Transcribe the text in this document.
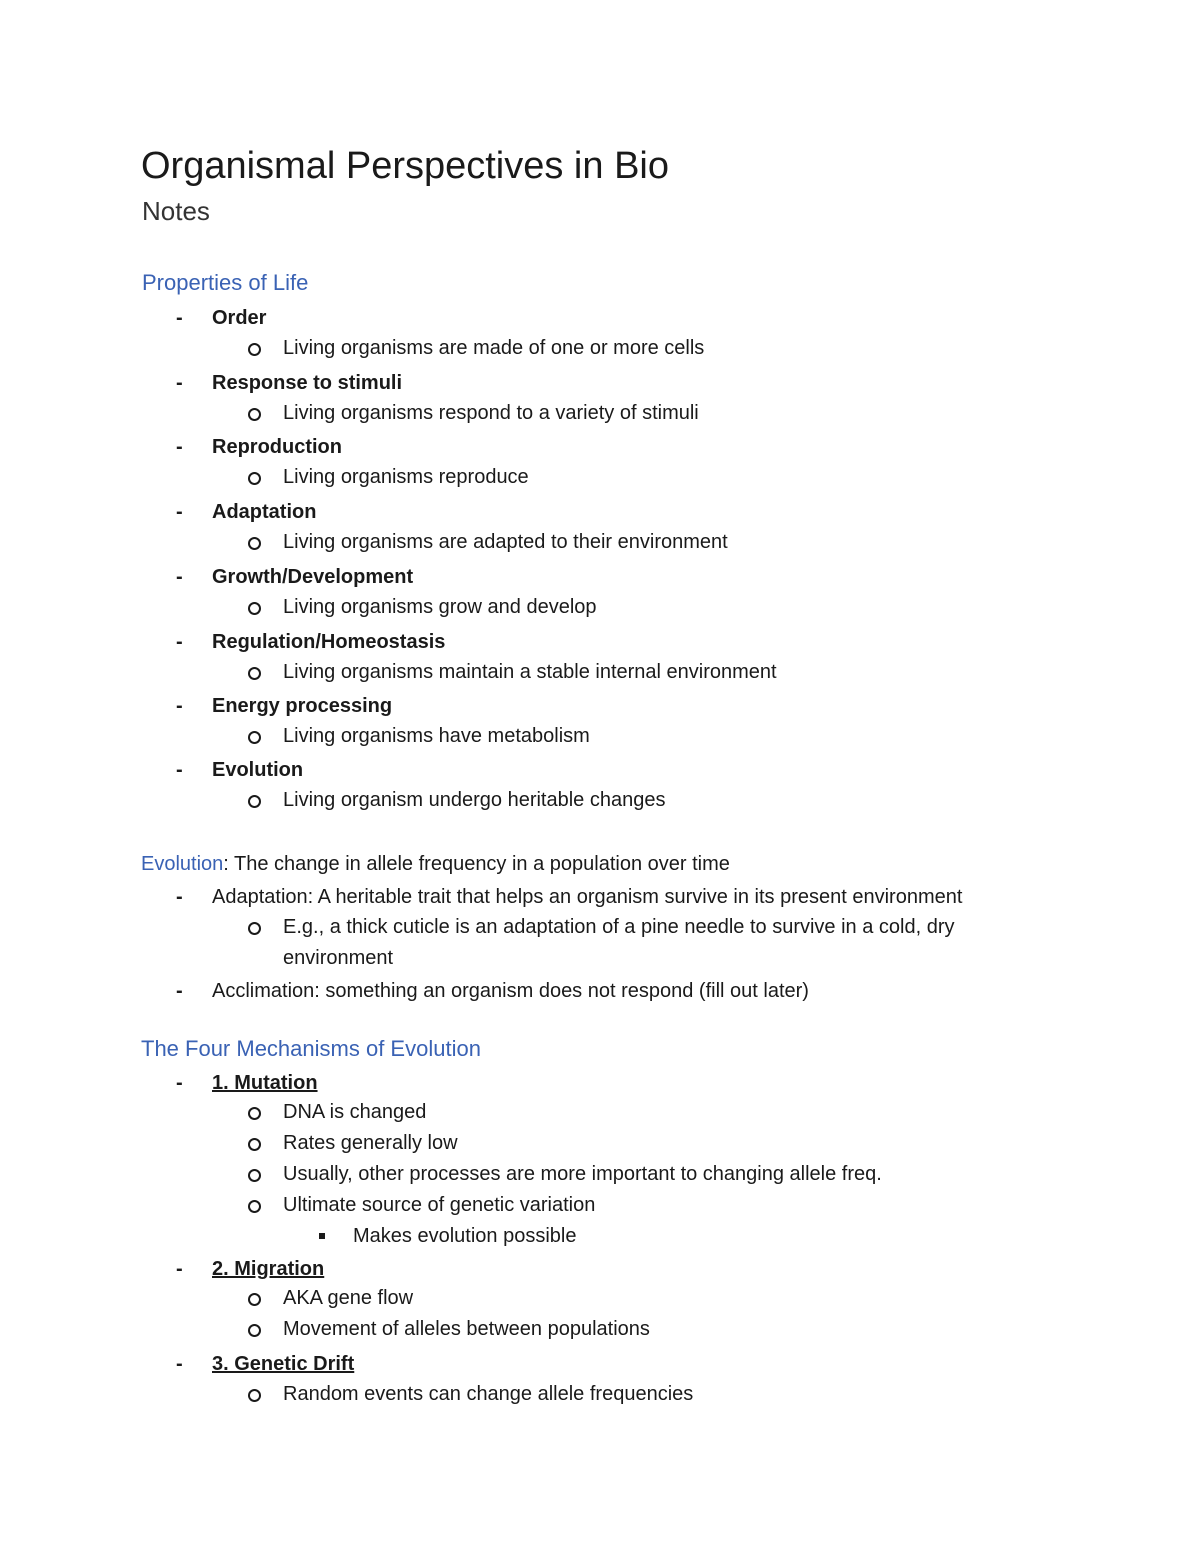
Organismal Perspectives in Bio
Notes
Properties of Life
- Order
Living organisms are made of one or more cells
- Response to stimuli
Living organisms respond to a variety of stimuli
- Reproduction
Living organisms reproduce
- Adaptation
Living organisms are adapted to their environment
- Growth/Development
Living organisms grow and develop
- Regulation/Homeostasis
Living organisms maintain a stable internal environment
- Energy processing
Living organisms have metabolism
- Evolution
Living organism undergo heritable changes
Evolution: The change in allele frequency in a population over time
- Adaptation: A heritable trait that helps an organism survive in its present environment
E.g., a thick cuticle is an adaptation of a pine needle to survive in a cold, dry
environment
- Acclimation: something an organism does not respond (fill out later)
The Four Mechanisms of Evolution
- 1. Mutation
DNA is changed
Rates generally low
Usually, other processes are more important to changing allele freq.
Ultimate source of genetic variation
Makes evolution possible
- 2. Migration
AKA gene flow
Movement of alleles between populations
- 3. Genetic Drift
Random events can change allele frequencies
